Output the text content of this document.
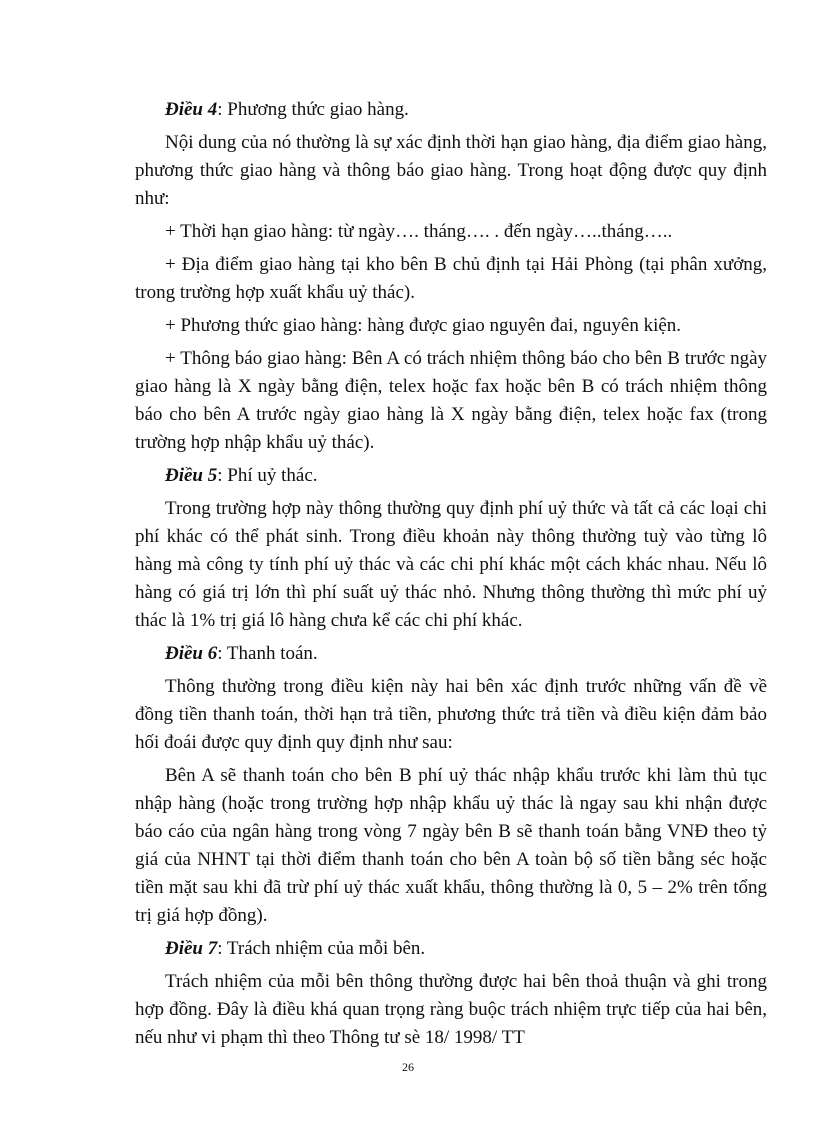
Điều 4: Phương thức giao hàng.

Nội dung của nó thường là sự xác định thời hạn giao hàng, địa điểm giao hàng, phương thức giao hàng và thông báo giao hàng. Trong hoạt động được quy định như:

+ Thời hạn giao hàng: từ ngày…. tháng…. . đến ngày…..tháng…..

+ Địa điểm giao hàng tại kho bên B chủ định tại Hải Phòng (tại phân xưởng, trong trường hợp xuất khẩu uỷ thác).

+ Phương thức giao hàng: hàng được giao nguyên đai, nguyên kiện.

+ Thông báo giao hàng: Bên A có trách nhiệm thông báo cho bên B trước ngày giao hàng là X ngày bằng điện, telex hoặc fax hoặc bên B có trách nhiệm thông báo cho bên A trước ngày giao hàng là X ngày bằng điện, telex hoặc fax (trong trường hợp nhập khẩu uỷ thác).

Điều 5: Phí uỷ thác.

Trong trường hợp này thông thường quy định phí uỷ thức và tất cả các loại chi phí khác có thể phát sinh. Trong điều khoản này thông thường tuỳ vào từng lô hàng mà công ty tính phí uỷ thác và các chi phí khác một cách khác nhau. Nếu lô hàng có giá trị lớn thì phí suất uỷ thác nhỏ. Nhưng thông thường thì mức phí uỷ thác là 1% trị giá lô hàng chưa kể các chi phí khác.

Điều 6: Thanh toán.

Thông thường trong điều kiện này hai bên xác định trước những vấn đề về đồng tiền thanh toán, thời hạn trả tiền, phương thức trả tiền và điều kiện đảm bảo hối đoái được quy định quy định như sau:

Bên A sẽ thanh toán cho bên B phí uỷ thác nhập khẩu trước khi làm thủ tục nhập hàng (hoặc trong trường hợp nhập khẩu uỷ thác là ngay sau khi nhận được báo cáo của ngân hàng trong vòng 7 ngày bên B sẽ thanh toán bằng VNĐ theo tỷ giá của NHNT tại thời điểm thanh toán cho bên A toàn bộ số tiền bằng séc hoặc tiền mặt sau khi đã trừ phí uỷ thác xuất khẩu, thông thường là 0, 5 – 2% trên tổng trị giá hợp đồng).

Điều 7: Trách nhiệm của mỗi bên.

Trách nhiệm của mỗi bên thông thường được hai bên thoả thuận và ghi trong hợp đồng. Đây là điều khá quan trọng ràng buộc trách nhiệm trực tiếp của hai bên, nếu như vi phạm thì theo Thông tư sè 18/ 1998/ TT

26
